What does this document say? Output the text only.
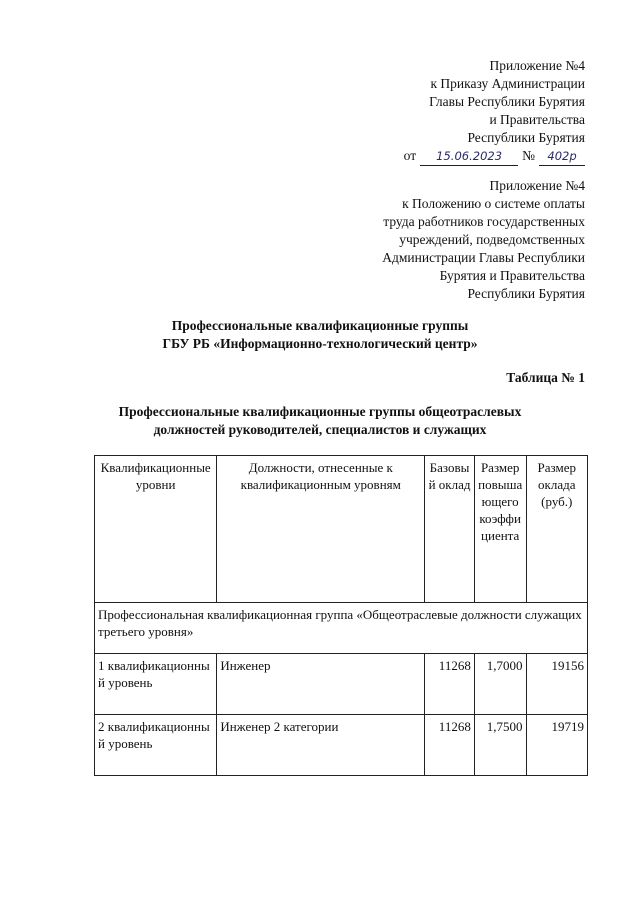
Приложение №4
к Приказу Администрации
Главы Республики Бурятия
и Правительства
Республики Бурятия
от	15.06.2023	№	402р
Приложение №4
к Положению о системе оплаты
труда работников государственных
учреждений, подведомственных
Администрации Главы Республики
Бурятия и Правительства
Республики Бурятия
Профессиональные квалификационные группы
ГБУ РБ «Информационно-технологический центр»
Таблица № 1
Профессиональные квалификационные группы общеотраслевых
должностей руководителей, специалистов и служащих
Квалификационные уровни	Должности, отнесенные к квалификационным уровням	Базовый оклад	Размер повышающего коэффициента	Размер оклада (руб.)
Профессиональная квалификационная группа «Общеотраслевые должности служащих третьего уровня»				
1 квалификационный уровень	Инженер	11268	1,7000	19156
2 квалификационный уровень	Инженер 2 категории	11268	1,7500	19719
